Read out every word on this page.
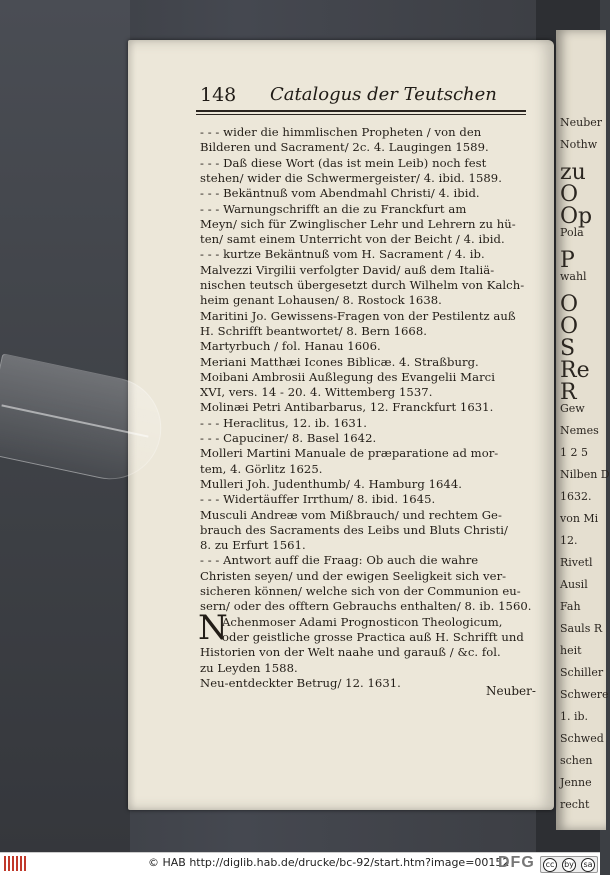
Neuber
Nothw
zu
O
Op
Pola
P
wahl
O
O
S
Re
R
Gew
Nemes
1 2 5
Nilben D
1632.
von Mi
12.
Rivetl
Ausil
Fah
Sauls R
heit
Schiller
Schwere
1. ib.
Schwed
schen
Jenne
recht
148 Catalogus der Teutschen
- - - wider die himmlischen Propheten / von den
Bilderen und Sacrament/ 2c. 4. Laugingen 1589.
- - - Daß diese Wort (das ist mein Leib) noch fest
stehen/ wider die Schwermergeister/ 4. ibid. 1589.
- - - Bekäntnuß vom Abendmahl Christi/ 4. ibid.
- - - Warnungschrifft an die zu Franckfurt am
Meyn/ sich für Zwinglischer Lehr und Lehrern zu hü-
ten/ samt einem Unterricht von der Beicht / 4. ibid.
- - - kurtze Bekäntnuß vom H. Sacrament / 4. ib.
Malvezzi Virgilii verfolgter David/ auß dem Italiä-
nischen teutsch übergesetzt durch Wilhelm von Kalch-
heim genant Lohausen/ 8. Rostock 1638.
Maritini Jo. Gewissens-Fragen von der Pestilentz auß
H. Schrifft beantwortet/ 8. Bern 1668.
Martyrbuch / fol. Hanau 1606.
Meriani Matthæi Icones Biblicæ. 4. Straßburg.
Moibani Ambrosii Außlegung des Evangelii Marci
XVI, vers. 14 - 20. 4. Wittemberg 1537.
Molinæi Petri Antibarbarus, 12. Franckfurt 1631.
- - - Heraclitus, 12. ib. 1631.
- - - Capuciner/ 8. Basel 1642.
Molleri Martini Manuale de præparatione ad mor-
tem, 4. Görlitz 1625.
Mulleri Joh. Judenthumb/ 4. Hamburg 1644.
- - - Widertäuffer Irrthum/ 8. ibid. 1645.
Musculi Andreæ vom Mißbrauch/ und rechtem Ge-
brauch des Sacraments des Leibs und Bluts Christi/
8. zu Erfurt 1561.
- - - Antwort auff die Fraag: Ob auch die wahre
Christen seyen/ und der ewigen Seeligkeit sich ver-
sicheren können/ welche sich von der Communion eu-
sern/ oder des offtern Gebrauchs enthalten/ 8. ib. 1560.
Achenmoser Adami Prognosticon Theologicum,
oder geistliche grosse Practica auß H. Schrifft und
Historien von der Welt naahe und garauß / &c. fol.
zu Leyden 1588.
Neu-entdeckter Betrug/ 12. 1631.
N
Neuber-
© HAB http://diglib.hab.de/drucke/bc-92/start.htm?image=00152
DFG	cc	by	sa
